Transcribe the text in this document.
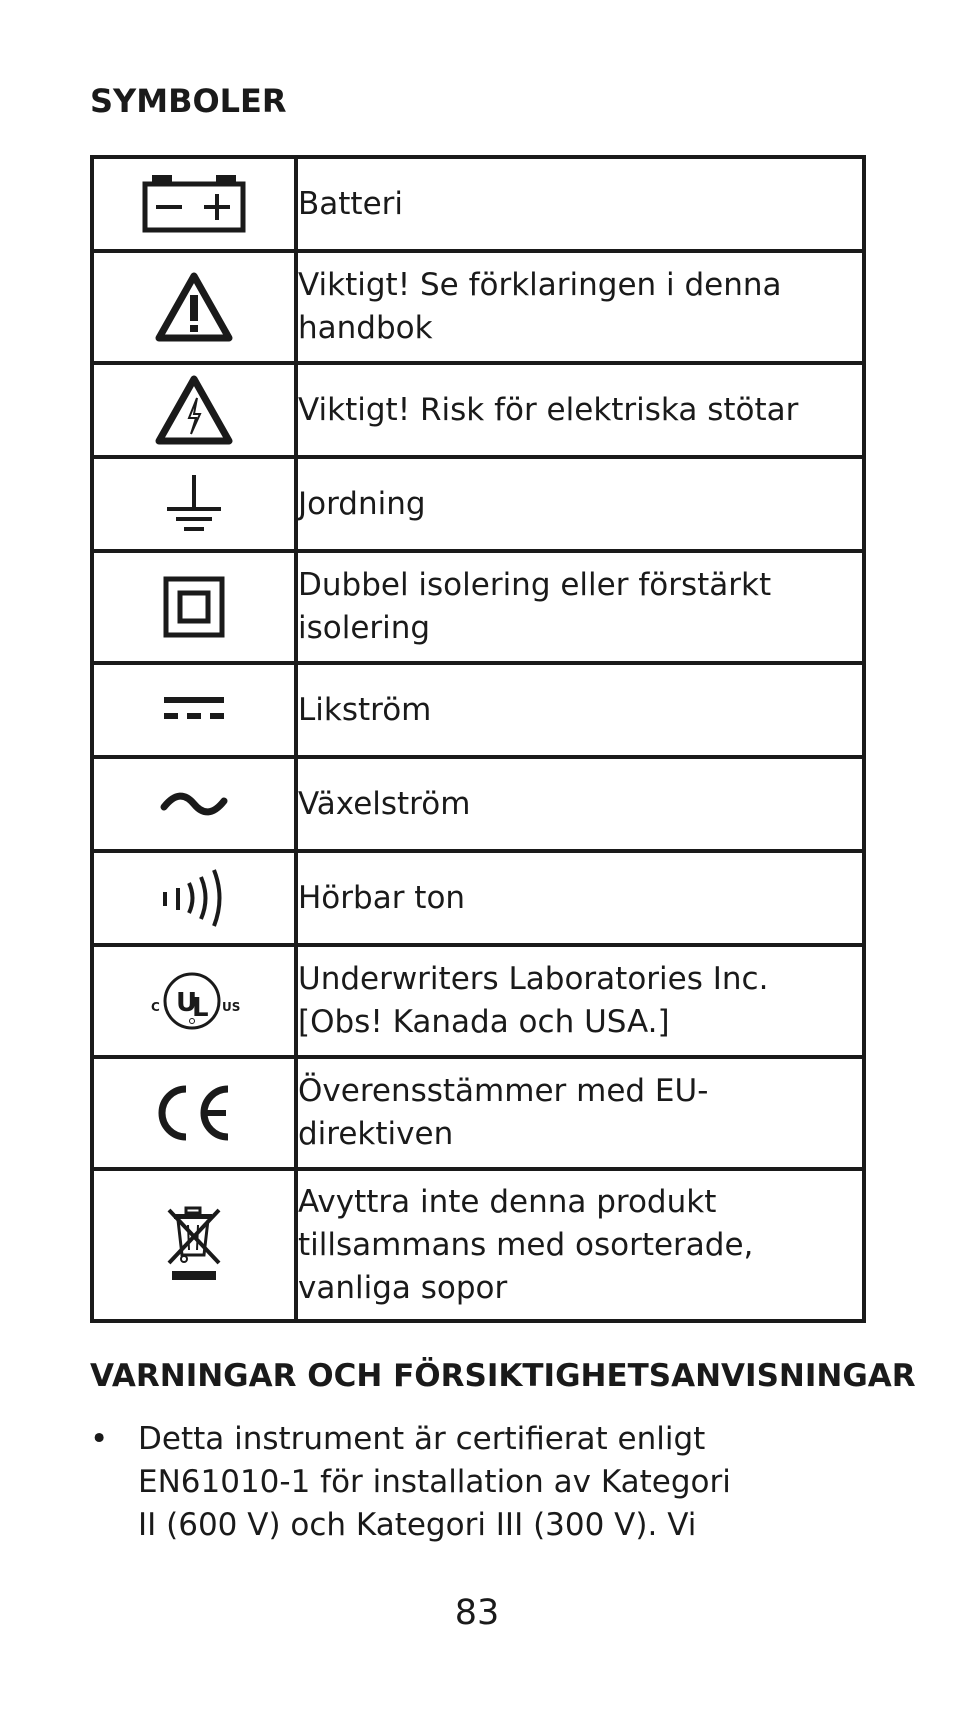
SYMBOLER
	Batteri

	Viktigt! Se förklaringen i denna
handbok

	Viktigt! Risk för elektriska stötar

	Jordning

	Dubbel isolering eller förstärkt
isolering

	Likström

	Växelström

	Hörbar ton

C U
L US	Underwriters Laboratories Inc.
[Obs! Kanada och USA.]

	Överensstämmer med EU-
direktiven

	Avyttra inte denna produkt
tillsammans med osorterade,
vanliga sopor
VARNINGAR OCH FÖRSIKTIGHETSANVISNINGAR
• Detta instrument är certifierat enligt
EN61010-1 för installation av Kategori
II (600 V) och Kategori III (300 V). Vi
83
